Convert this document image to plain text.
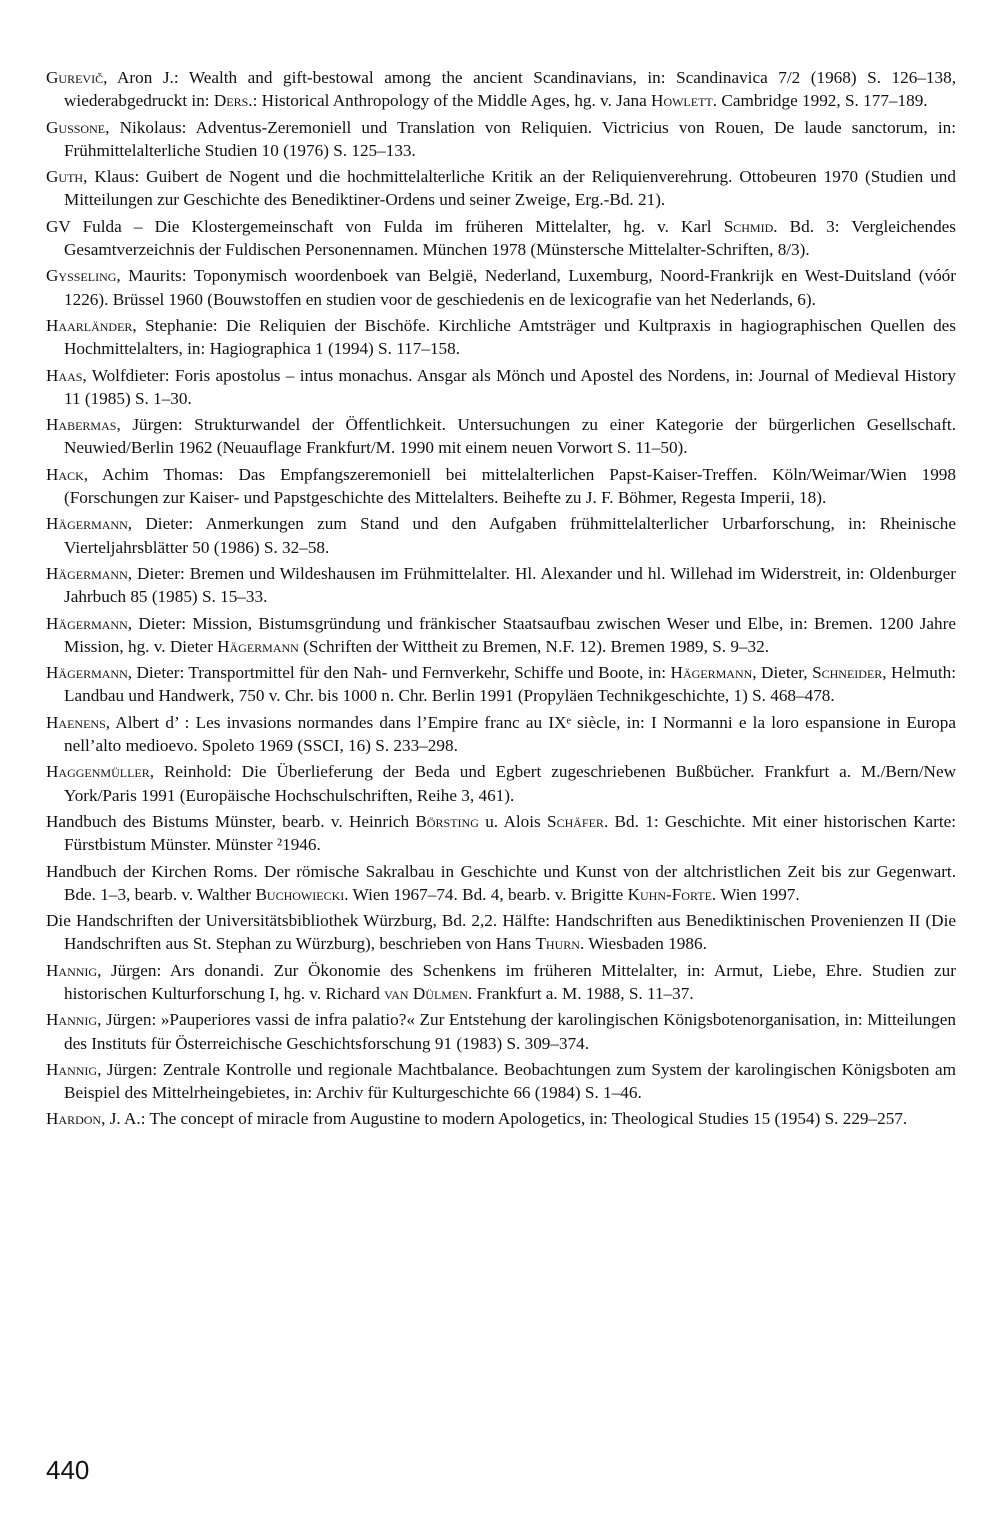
Gurevič, Aron J.: Wealth and gift-bestowal among the ancient Scandinavians, in: Scandinavica 7/2 (1968) S. 126–138, wiederabgedruckt in: Ders.: Historical Anthropology of the Middle Ages, hg. v. Jana Howlett. Cambridge 1992, S. 177–189.

Gussone, Nikolaus: Adventus-Zeremoniell und Translation von Reliquien. Victricius von Rouen, De laude sanctorum, in: Frühmittelalterliche Studien 10 (1976) S. 125–133.

Guth, Klaus: Guibert de Nogent und die hochmittelalterliche Kritik an der Reliquienverehrung. Ottobeuren 1970 (Studien und Mitteilungen zur Geschichte des Benediktiner-Ordens und seiner Zweige, Erg.-Bd. 21).

GV Fulda – Die Klostergemeinschaft von Fulda im früheren Mittelalter, hg. v. Karl Schmid. Bd. 3: Vergleichendes Gesamtverzeichnis der Fuldischen Personennamen. München 1978 (Münstersche Mittelalter-Schriften, 8/3).

Gysseling, Maurits: Toponymisch woordenboek van België, Nederland, Luxemburg, Noord-Frankrijk en West-Duitsland (vóór 1226). Brüssel 1960 (Bouwstoffen en studien voor de geschiedenis en de lexicografie van het Nederlands, 6).

Haarländer, Stephanie: Die Reliquien der Bischöfe. Kirchliche Amtsträger und Kultpraxis in hagiographischen Quellen des Hochmittelalters, in: Hagiographica 1 (1994) S. 117–158.

Haas, Wolfdieter: Foris apostolus – intus monachus. Ansgar als Mönch und Apostel des Nordens, in: Journal of Medieval History 11 (1985) S. 1–30.

Habermas, Jürgen: Strukturwandel der Öffentlichkeit. Untersuchungen zu einer Kategorie der bürgerlichen Gesellschaft. Neuwied/Berlin 1962 (Neuauflage Frankfurt/M. 1990 mit einem neuen Vorwort S. 11–50).

Hack, Achim Thomas: Das Empfangszeremoniell bei mittelalterlichen Papst-Kaiser-Treffen. Köln/Weimar/Wien 1998 (Forschungen zur Kaiser- und Papstgeschichte des Mittelalters. Beihefte zu J. F. Böhmer, Regesta Imperii, 18).

Hägermann, Dieter: Anmerkungen zum Stand und den Aufgaben frühmittelalterlicher Urbarforschung, in: Rheinische Vierteljahrsblätter 50 (1986) S. 32–58.

Hägermann, Dieter: Bremen und Wildeshausen im Frühmittelalter. Hl. Alexander und hl. Willehad im Widerstreit, in: Oldenburger Jahrbuch 85 (1985) S. 15–33.

Hägermann, Dieter: Mission, Bistumsgründung und fränkischer Staatsaufbau zwischen Weser und Elbe, in: Bremen. 1200 Jahre Mission, hg. v. Dieter Hägermann (Schriften der Wittheit zu Bremen, N.F. 12). Bremen 1989, S. 9–32.

Hägermann, Dieter: Transportmittel für den Nah- und Fernverkehr, Schiffe und Boote, in: Hägermann, Dieter, Schneider, Helmuth: Landbau und Handwerk, 750 v. Chr. bis 1000 n. Chr. Berlin 1991 (Propyläen Technikgeschichte, 1) S. 468–478.

Haenens, Albert d’ : Les invasions normandes dans l’Empire franc au IXᵉ siècle, in: I Normanni e la loro espansione in Europa nell’alto medioevo. Spoleto 1969 (SSCI, 16) S. 233–298.

Haggenmüller, Reinhold: Die Überlieferung der Beda und Egbert zugeschriebenen Bußbücher. Frankfurt a. M./Bern/New York/Paris 1991 (Europäische Hochschulschriften, Reihe 3, 461).

Handbuch des Bistums Münster, bearb. v. Heinrich Börsting u. Alois Schäfer. Bd. 1: Geschichte. Mit einer historischen Karte: Fürstbistum Münster. Münster ²1946.

Handbuch der Kirchen Roms. Der römische Sakralbau in Geschichte und Kunst von der altchristlichen Zeit bis zur Gegenwart. Bde. 1–3, bearb. v. Walther Buchowiecki. Wien 1967–74. Bd. 4, bearb. v. Brigitte Kuhn-Forte. Wien 1997.

Die Handschriften der Universitätsbibliothek Würzburg, Bd. 2,2. Hälfte: Handschriften aus Benediktinischen Provenienzen II (Die Handschriften aus St. Stephan zu Würzburg), beschrieben von Hans Thurn. Wiesbaden 1986.

Hannig, Jürgen: Ars donandi. Zur Ökonomie des Schenkens im früheren Mittelalter, in: Armut, Liebe, Ehre. Studien zur historischen Kulturforschung I, hg. v. Richard van Dülmen. Frankfurt a. M. 1988, S. 11–37.

Hannig, Jürgen: »Pauperiores vassi de infra palatio?« Zur Entstehung der karolingischen Königsbotenorganisation, in: Mitteilungen des Instituts für Österreichische Geschichtsforschung 91 (1983) S. 309–374.

Hannig, Jürgen: Zentrale Kontrolle und regionale Machtbalance. Beobachtungen zum System der karolingischen Königsboten am Beispiel des Mittelrheingebietes, in: Archiv für Kulturgeschichte 66 (1984) S. 1–46.

Hardon, J. A.: The concept of miracle from Augustine to modern Apologetics, in: Theological Studies 15 (1954) S. 229–257.

440
